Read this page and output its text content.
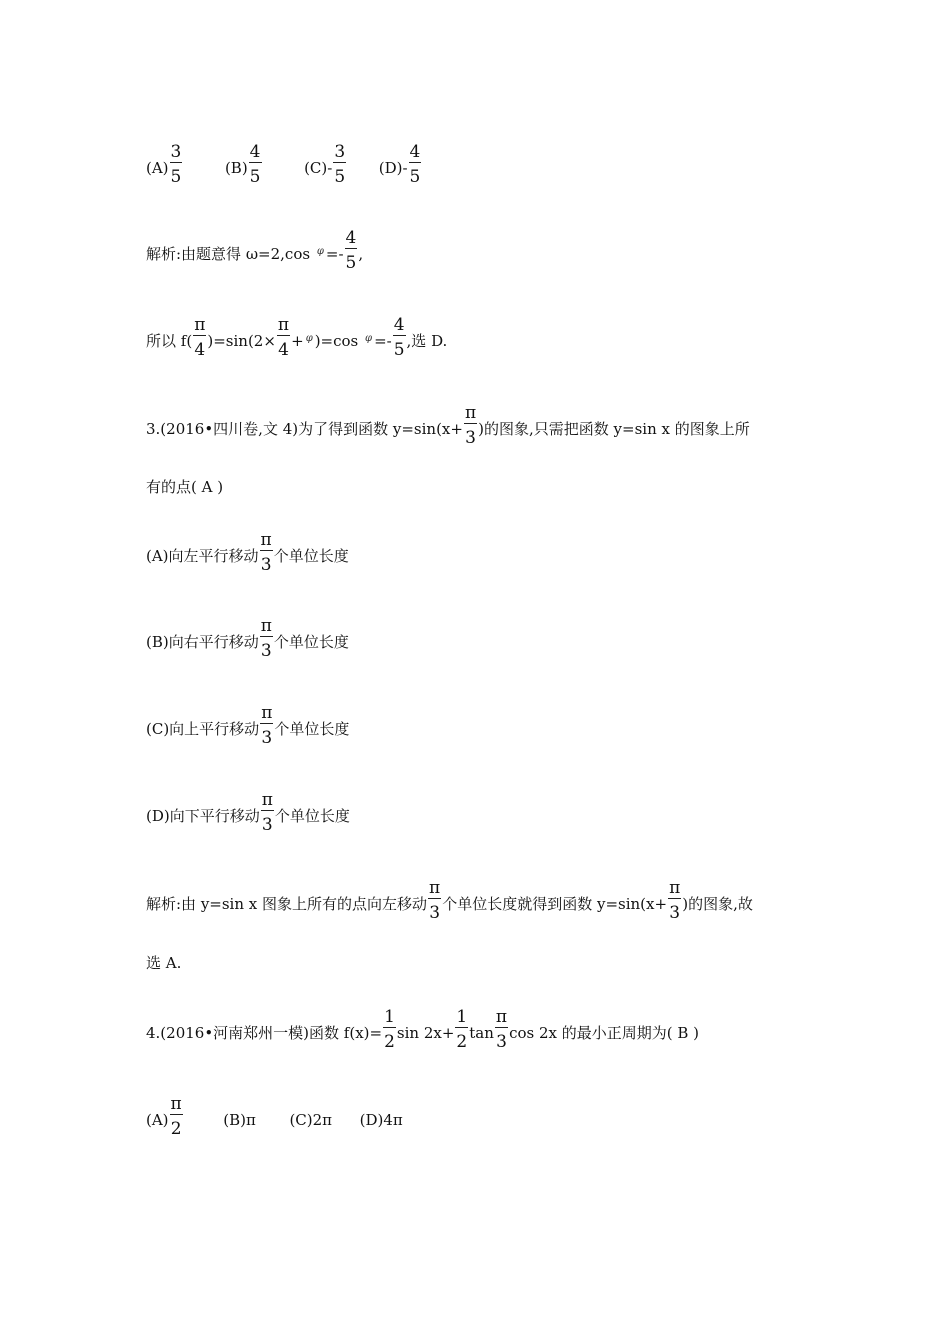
$(A) \frac{3}{5}$	$(B) \frac{4}{5}$	$(C)- \frac{3}{5} (D)- \frac{4}{5}$
解析:由题意得 ω=2,cos $^\varphi =- \frac{4}{5}$ ,
所以 $f( \frac{\pi}{4} )=\sin(2\times \frac{\pi}{4} + ^\varphi$ )=cos $^\varphi =- \frac{4}{5}$ ,选 D.
3.(2016•四川卷,文 4)为了得到函数 $y=\sin(x+ \frac{\pi}{3}$ )的图象,只需把函数 y=sin x 的图象上所
有的点( A )
(A)向左平行移动 $\frac{\pi}{3}$ 个单位长度
(B)向右平行移动 $\frac{\pi}{3}$ 个单位长度
(C)向上平行移动 $\frac{\pi}{3}$ 个单位长度
(D)向下平行移动 $\frac{\pi}{3}$ 个单位长度
解析:由 y=sin x 图象上所有的点向左移动 $\frac{\pi}{3}$ 个单位长度就得到函数 $y=\sin(x+ \frac{\pi}{3}$ )的图象,故
选 A.
4.(2016•河南郑州一模)函数 $f(x)= \frac{1}{2}$ $\sin 2x+ \frac{1}{2}$ $\tan \frac{\pi}{3}$ cos 2x 的最小正周期为( B )
$(A) \frac{\pi}{2}$	(B)π (C)2π (D)4π
